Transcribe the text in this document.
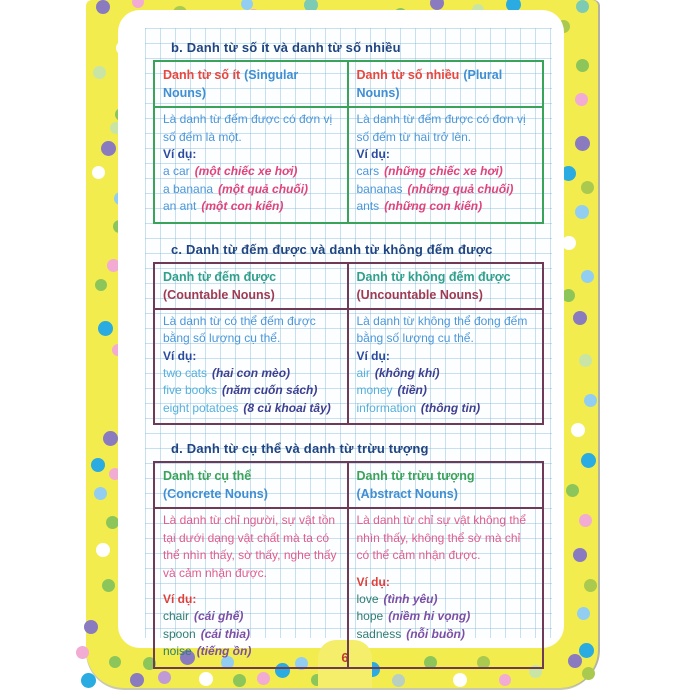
6
b. Danh từ số ít và danh từ số nhiều
Danh từ số ít (Singular Nouns)
Danh từ số nhiều (Plural Nouns)
Là danh từ đếm được có đơn vị số đếm là một.
Ví dụ:
a car (một chiếc xe hơi)
a banana (một quả chuối)
an ant (một con kiến)
Là danh từ đếm được có đơn vị số đếm từ hai trở lên.
Ví dụ:
cars (những chiếc xe hơi)
bananas (những quả chuối)
ants (những con kiến)
c. Danh từ đếm được và danh từ không đếm được
Danh từ đếm được
(Countable Nouns)
Danh từ không đếm được
(Uncountable Nouns)
Là danh từ có thể đếm được bằng số lượng cụ thể.
Ví dụ:
two cats (hai con mèo)
five books (năm cuốn sách)
eight potatoes (8 củ khoai tây)
Là danh từ không thể đong đếm bằng số lượng cụ thể.
Ví dụ:
air (không khí)
money (tiền)
information (thông tin)
d. Danh từ cụ thể và danh từ trừu tượng
Danh từ cụ thể
(Concrete Nouns)
Danh từ trừu tượng
(Abstract Nouns)
Là danh từ chỉ người, sự vật tồn tại dưới dạng vật chất mà ta có thể nhìn thấy, sờ thấy, nghe thấy và cảm nhận được.
Ví dụ:
chair (cái ghế)
spoon (cái thìa)
noise (tiếng ồn)
Là danh từ chỉ sự vật không thể nhìn thấy, không thể sờ mà chỉ có thể cảm nhận được.
Ví dụ:
love (tình yêu)
hope (niềm hi vọng)
sadness (nỗi buồn)
